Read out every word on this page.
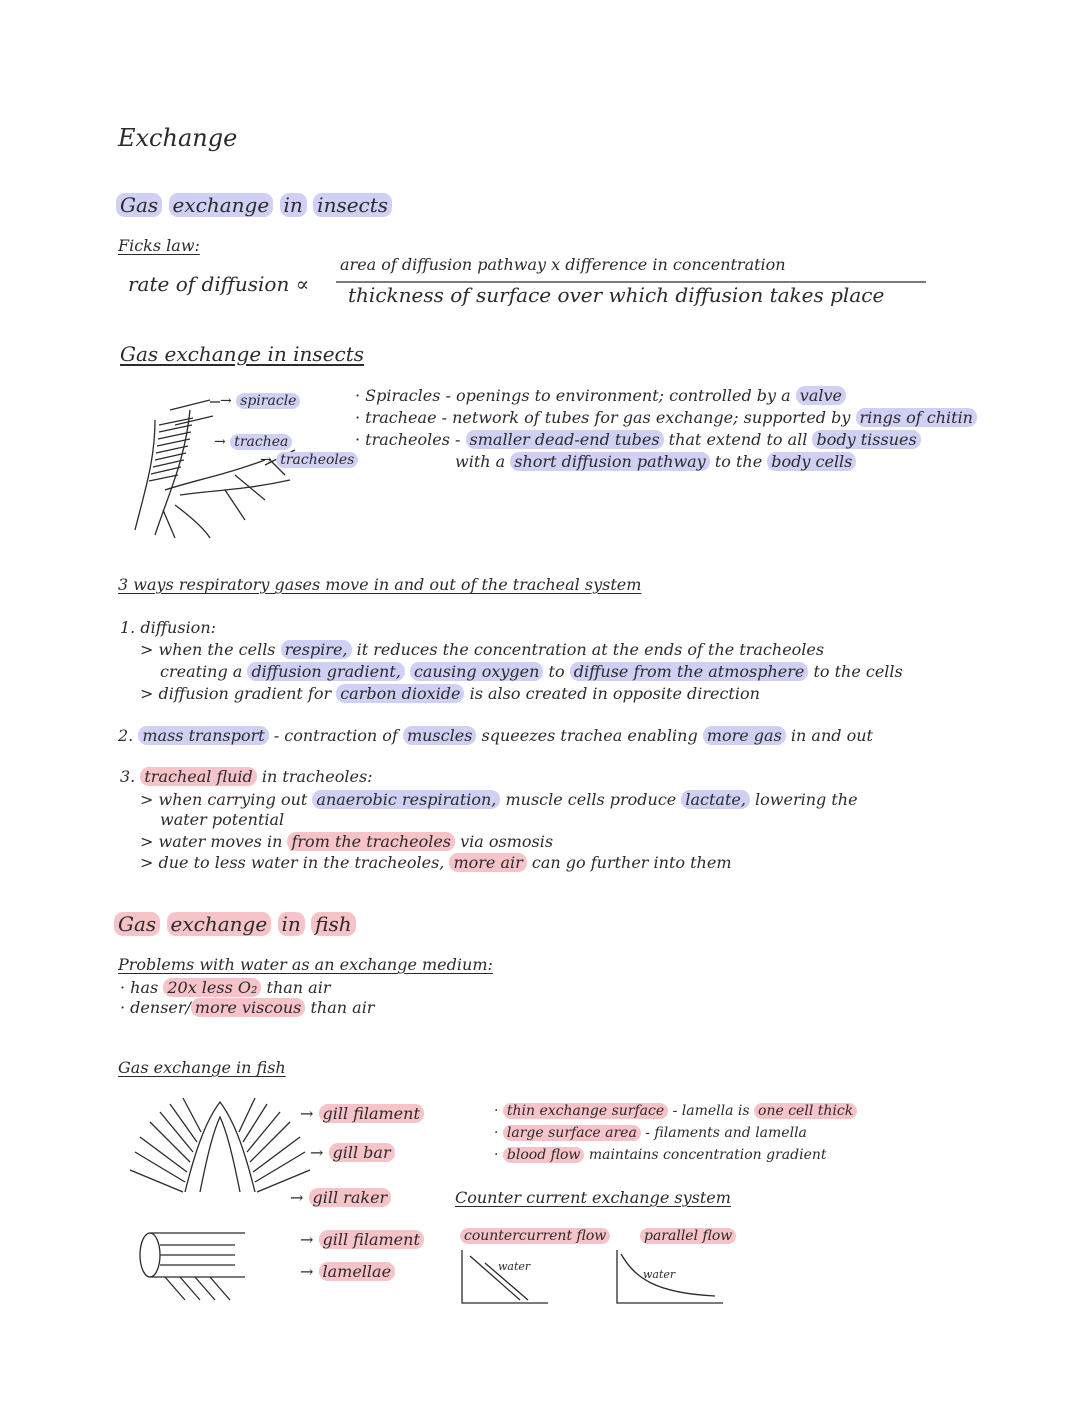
Exchange
Gas exchange in insects
Ficks law:
rate of diffusion ∝
area of diffusion pathway x difference in concentration
thickness of surface over which diffusion takes place
Gas exchange in insects
→ spiracle
→ trachea
→ tracheoles
· Spiracles - openings to environment; controlled by a valve
· tracheae - network of tubes for gas exchange; supported by rings of chitin
· tracheoles - smaller dead-end tubes that extend to all body tissues
with a short diffusion pathway to the body cells
3 ways respiratory gases move in and out of the tracheal system
1. diffusion:
> when the cells respire, it reduces the concentration at the ends of the tracheoles
creating a diffusion gradient, causing oxygen to diffuse from the atmosphere to the cells
> diffusion gradient for carbon dioxide is also created in opposite direction
2. mass transport - contraction of muscles squeezes trachea enabling more gas in and out
3. tracheal fluid in tracheoles:
> when carrying out anaerobic respiration, muscle cells produce lactate, lowering the
water potential
> water moves in from the tracheoles via osmosis
> due to less water in the tracheoles, more air can go further into them
Gas exchange in fish
Problems with water as an exchange medium:
· has 20x less O₂ than air
· denser/ more viscous than air
Gas exchange in fish
→ gill filament
→ gill bar
→ gill raker
→ gill filament
→ lamellae
· thin exchange surface - lamella is one cell thick
· large surface area - filaments and lamella
· blood flow maintains concentration gradient
Counter current exchange system
countercurrent flow	parallel flow
water
water
